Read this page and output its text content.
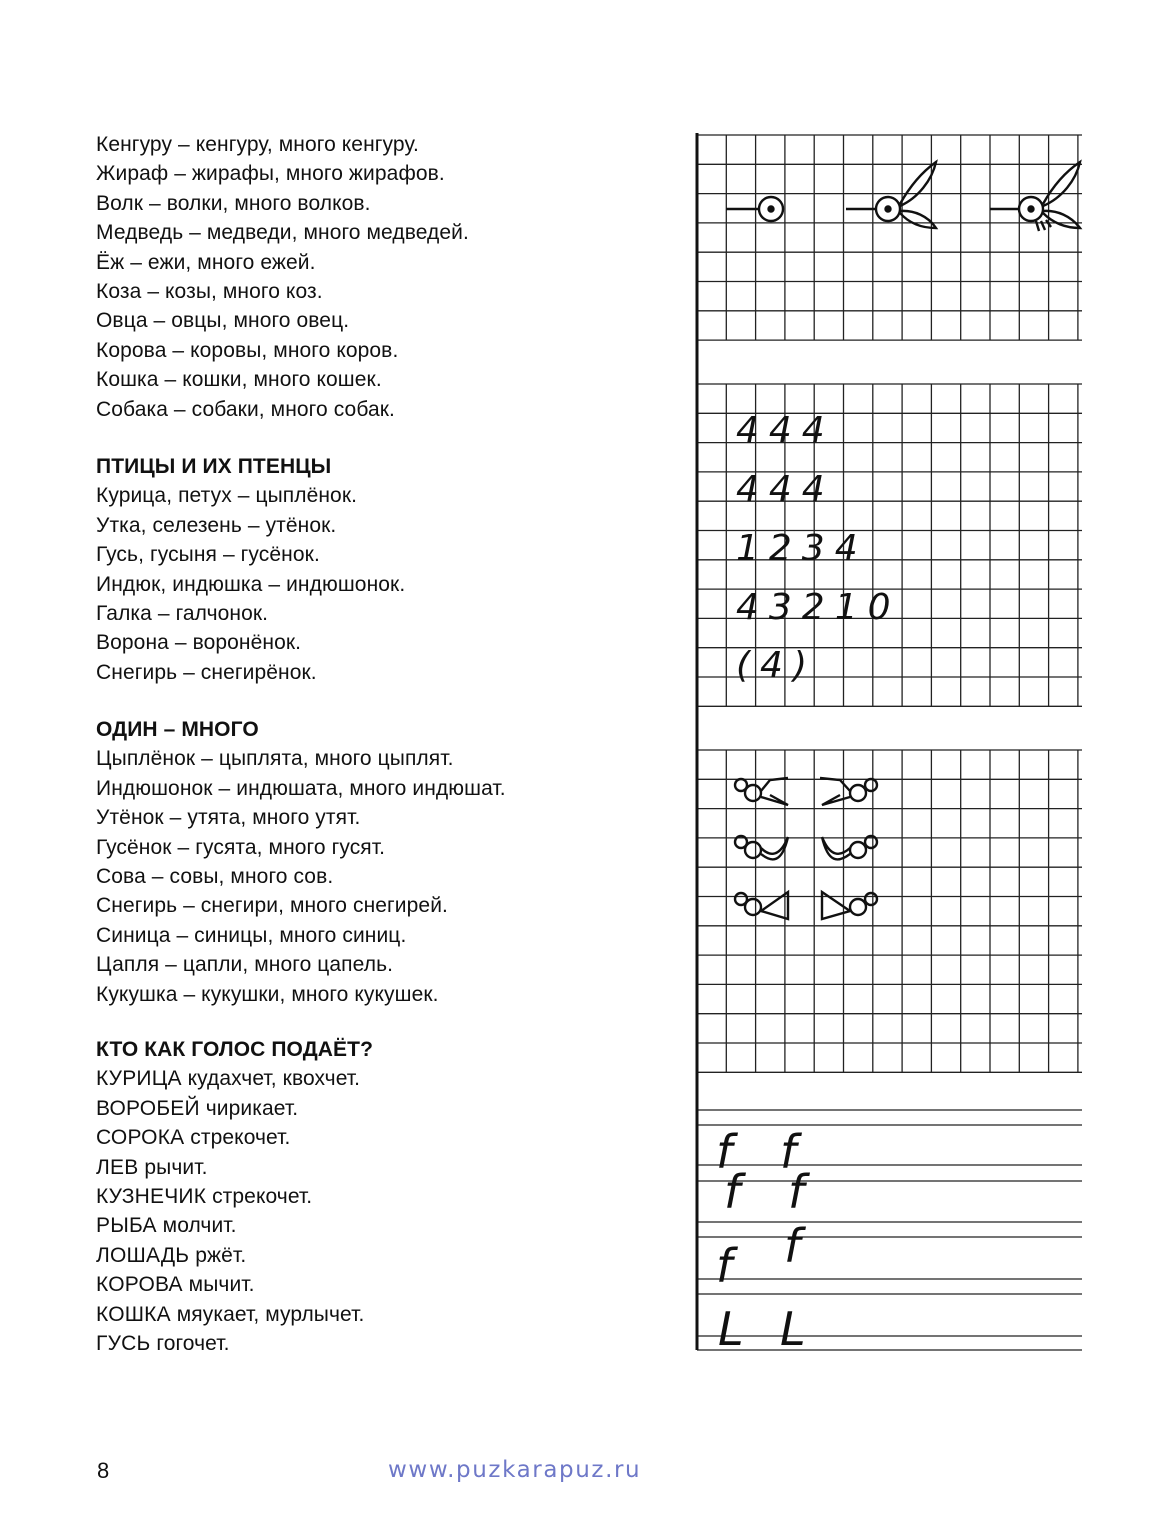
Кенгуру – кенгуру, много кенгуру.
Жираф – жирафы, много жирафов.
Волк – волки, много волков.
Медведь – медведи, много медведей.
Ёж – ежи, много ежей.
Коза – козы, много коз.
Овца – овцы, много овец.
Корова – коровы, много коров.
Кошка – кошки, много кошек.
Собака – собаки, много собак.
ПТИЦЫ И ИХ ПТЕНЦЫ
Курица, петух – цыплёнок.
Утка, селезень – утёнок.
Гусь, гусыня – гусёнок.
Индюк, индюшка – индюшонок.
Галка – галчонок.
Ворона – воронёнок.
Снегирь – снегирёнок.
ОДИН – МНОГО
Цыплёнок – цыплята, много цыплят.
Индюшонок – индюшата, много индюшат.
Утёнок – утята, много утят.
Гусёнок – гусята, много гусят.
Сова – совы, много сов.
Снегирь – снегири, много снегирей.
Синица – синицы, много синиц.
Цапля – цапли, много цапель.
Кукушка – кукушки, много кукушек.
КТО КАК ГОЛОС ПОДАЁТ?
КУРИЦА кудахчет, квохчет.
ВОРОБЕЙ чирикает.
СОРОКА стрекочет.
ЛЕВ рычит.
КУЗНЕЧИК стрекочет.
РЫБА молчит.
ЛОШАДЬ ржёт.
КОРОВА мычит.
КОШКА мяукает, мурлычет.
ГУСЬ гогочет.
8	www.puzkarapuz.ru
444
444
1234
43210
(4)
f f
f f
f f
L L
